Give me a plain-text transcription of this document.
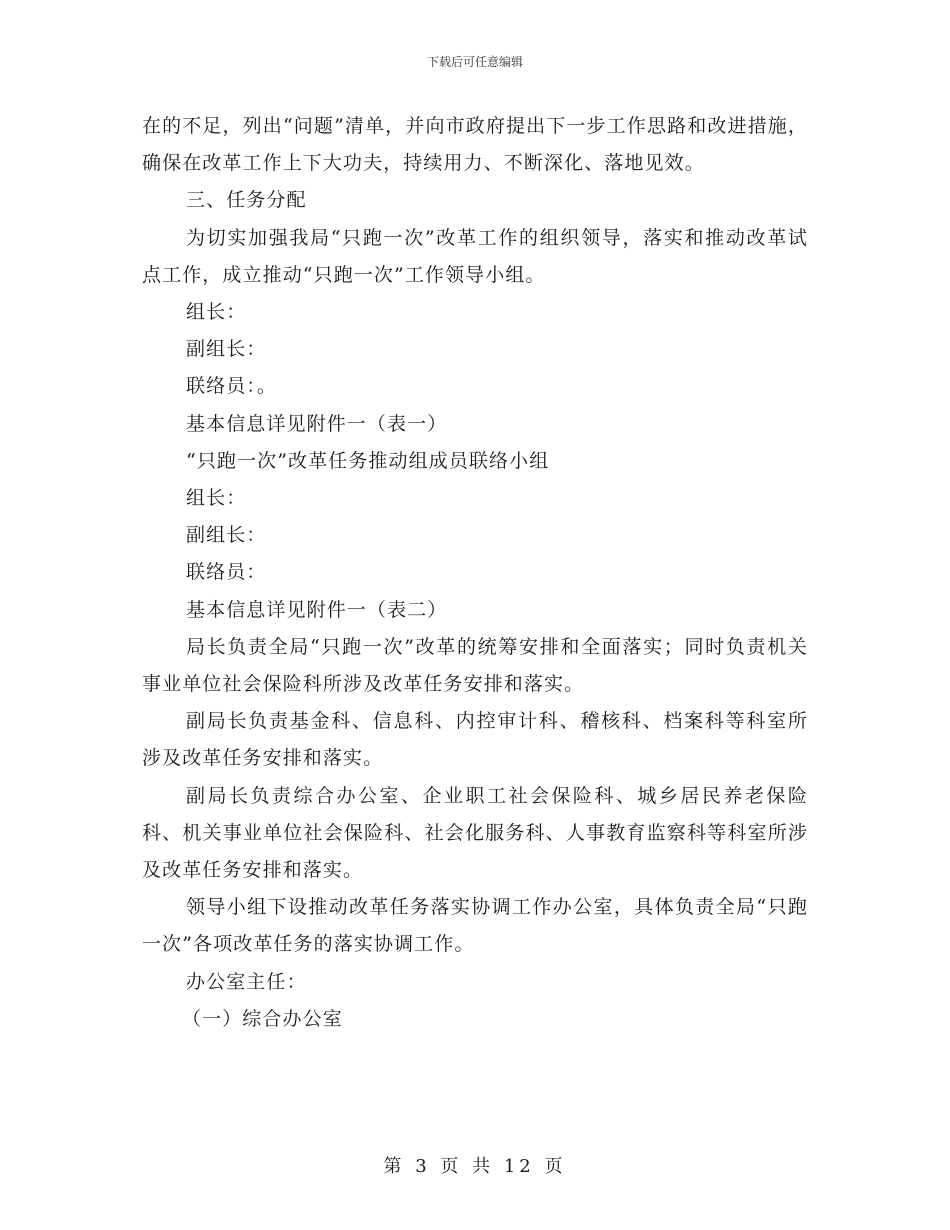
下载后可任意编辑

在的不足，列出“问题”清单，并向市政府提出下一步工作思路和改进措施，确保在改革工作上下大功夫，持续用力、不断深化、落地见效。

三、任务分配

为切实加强我局“只跑一次”改革工作的组织领导，落实和推动改革试点工作，成立推动“只跑一次”工作领导小组。

组长：

副组长：

联络员：。

基本信息详见附件一（表一）

“只跑一次”改革任务推动组成员联络小组

组长：

副组长：

联络员：

基本信息详见附件一（表二）

局长负责全局“只跑一次”改革的统筹安排和全面落实；同时负责机关事业单位社会保险科所涉及改革任务安排和落实。

副局长负责基金科、信息科、内控审计科、稽核科、档案科等科室所涉及改革任务安排和落实。

副局长负责综合办公室、企业职工社会保险科、城乡居民养老保险科、机关事业单位社会保险科、社会化服务科、人事教育监察科等科室所涉及改革任务安排和落实。

领导小组下设推动改革任务落实协调工作办公室，具体负责全局“只跑一次”各项改革任务的落实协调工作。

办公室主任：

（一）综合办公室

第 3 页 共 12 页
